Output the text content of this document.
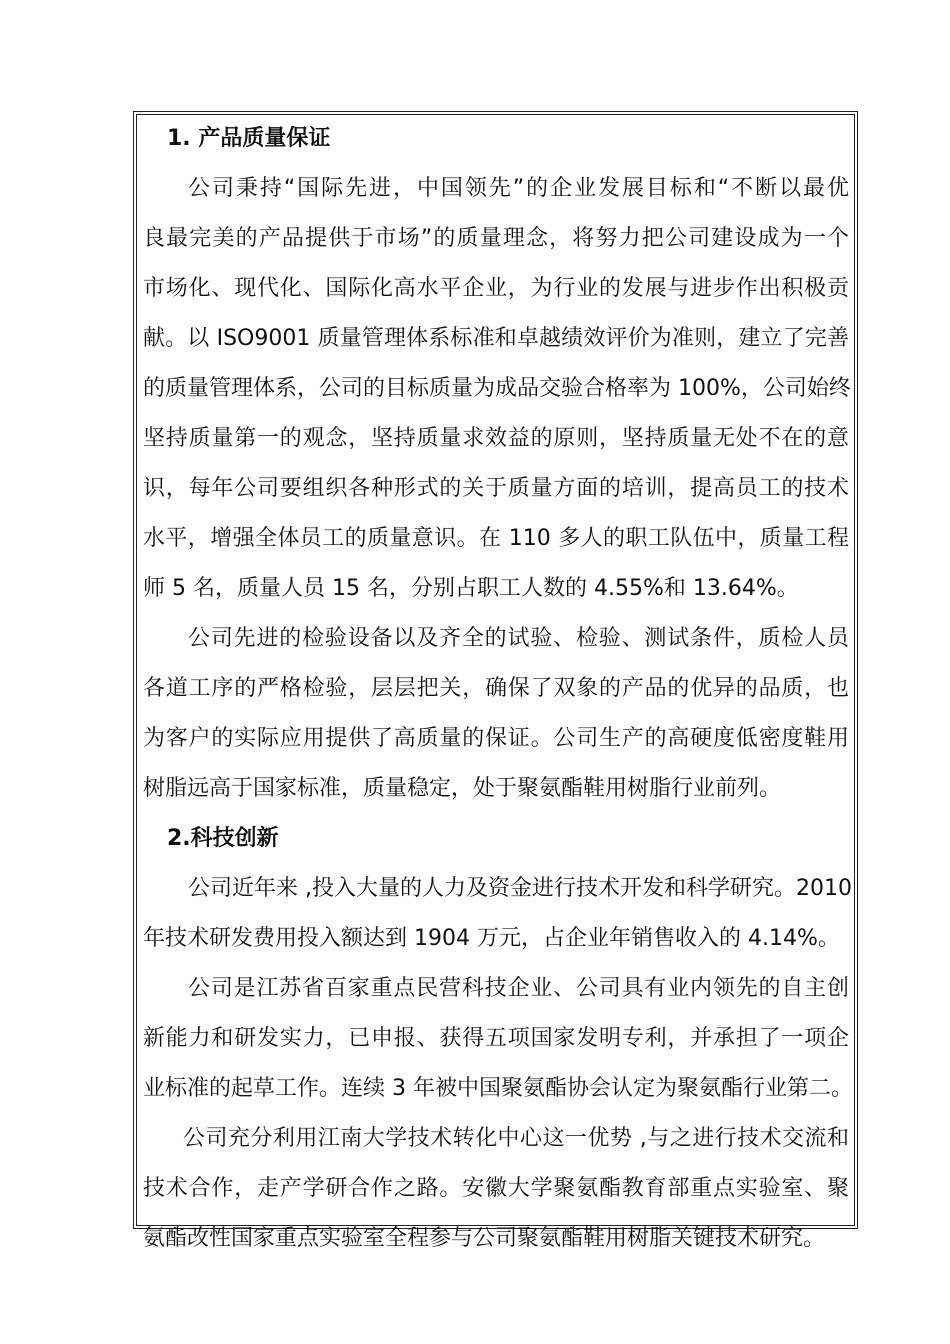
1. 产品质量保证
公司秉持“国际先进，中国领先”的企业发展目标和“不断以最优
良最完美的产品提供于市场”的质量理念，将努力把公司建设成为一个
市场化、现代化、国际化高水平企业，为行业的发展与进步作出积极贡
献。以 ISO9001 质量管理体系标准和卓越绩效评价为准则，建立了完善
的质量管理体系，公司的目标质量为成品交验合格率为 100%，公司始终
坚持质量第一的观念，坚持质量求效益的原则，坚持质量无处不在的意
识，每年公司要组织各种形式的关于质量方面的培训，提高员工的技术
水平，增强全体员工的质量意识。在 110 多人的职工队伍中，质量工程
师 5 名，质量人员 15 名，分别占职工人数的 4.55%和 13.64%。
公司先进的检验设备以及齐全的试验、检验、测试条件，质检人员
各道工序的严格检验，层层把关，确保了双象的产品的优异的品质，也
为客户的实际应用提供了高质量的保证。公司生产的高硬度低密度鞋用
树脂远高于国家标准，质量稳定，处于聚氨酯鞋用树脂行业前列。
2.科技创新
公司近年来 ,投入大量的人力及资金进行技术开发和科学研究。2010
年技术研发费用投入额达到 1904 万元，占企业年销售收入的 4.14%。
公司是江苏省百家重点民营科技企业、公司具有业内领先的自主创
新能力和研发实力，已申报、获得五项国家发明专利，并承担了一项企
业标准的起草工作。连续 3 年被中国聚氨酯协会认定为聚氨酯行业第二。
公司充分利用江南大学技术转化中心这一优势 ,与之进行技术交流和
技术合作，走产学研合作之路。安徽大学聚氨酯教育部重点实验室、聚
氨酯改性国家重点实验室全程参与公司聚氨酯鞋用树脂关键技术研究。
